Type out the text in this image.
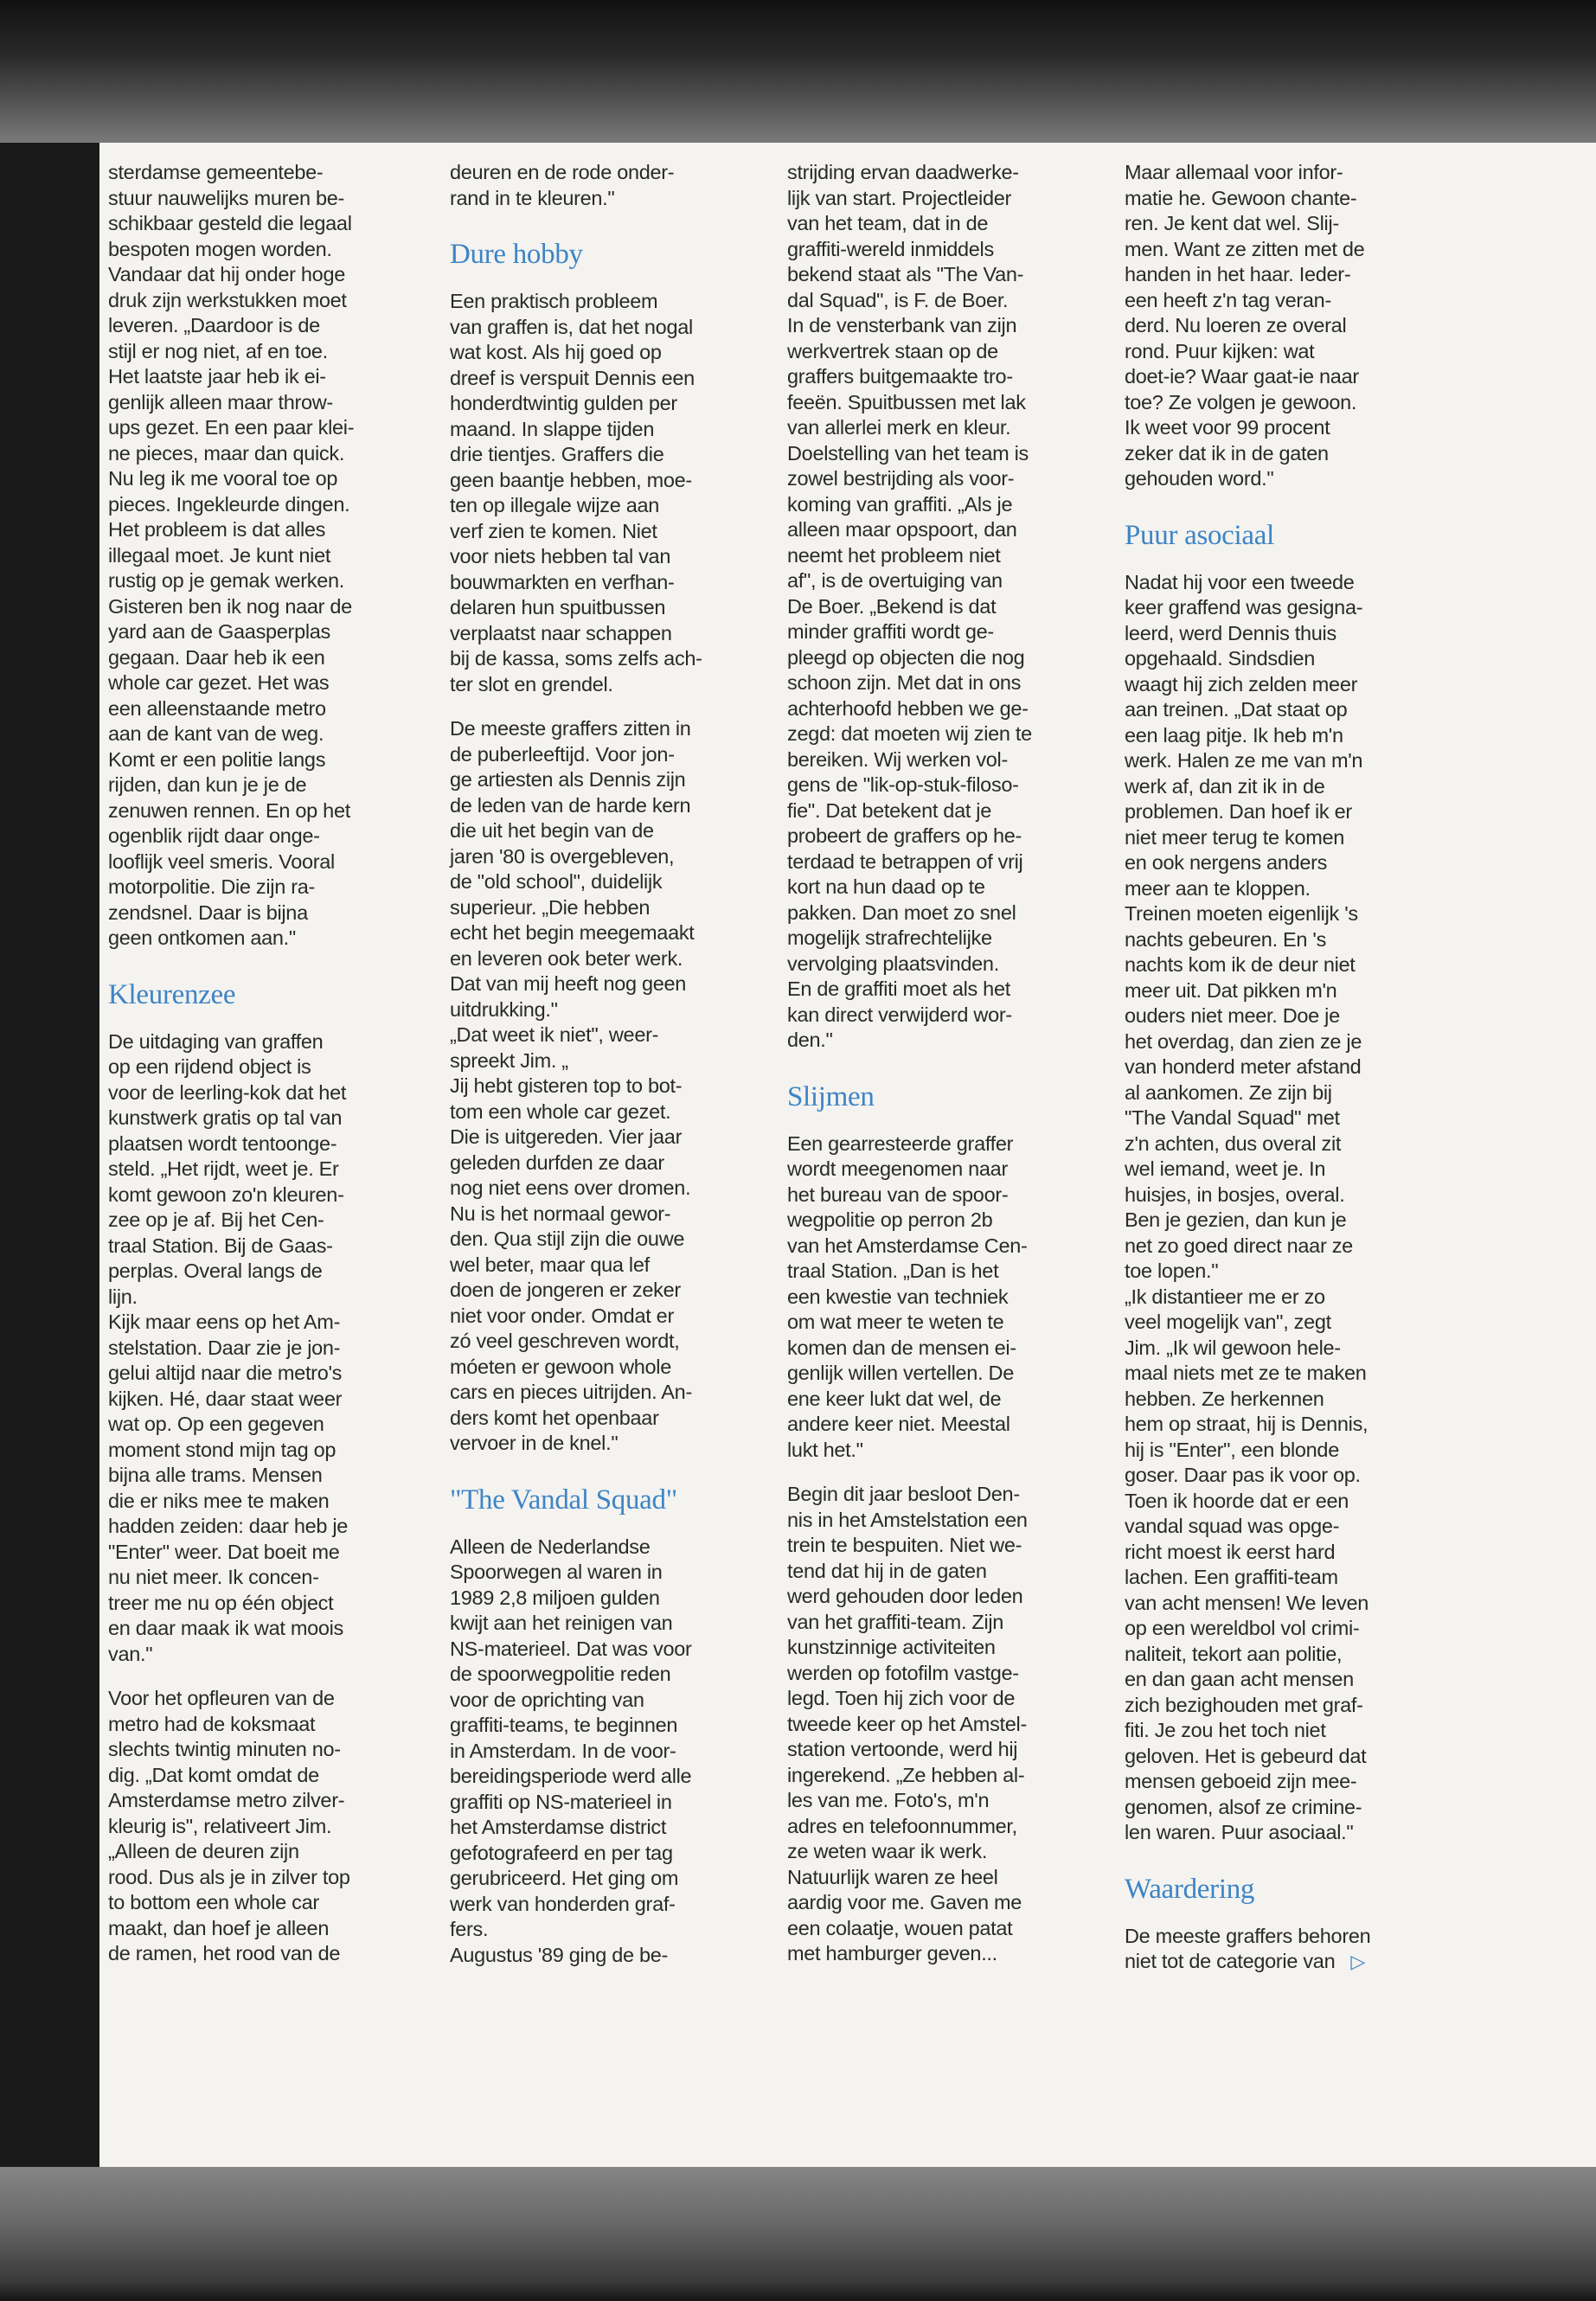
sterdamse gemeentebe-
stuur nauwelijks muren be-
schikbaar gesteld die legaal
bespoten mogen worden.
Vandaar dat hij onder hoge
druk zijn werkstukken moet
leveren. „Daardoor is de
stijl er nog niet, af en toe.
Het laatste jaar heb ik ei-
genlijk alleen maar throw-
ups gezet. En een paar klei-
ne pieces, maar dan quick.
Nu leg ik me vooral toe op
pieces. Ingekleurde dingen.
Het probleem is dat alles
illegaal moet. Je kunt niet
rustig op je gemak werken.
Gisteren ben ik nog naar de
yard aan de Gaasperplas
gegaan. Daar heb ik een
whole car gezet. Het was
een alleenstaande metro
aan de kant van de weg.
Komt er een politie langs
rijden, dan kun je je de
zenuwen rennen. En op het
ogenblik rijdt daar onge-
looflijk veel smeris. Vooral
motorpolitie. Die zijn ra-
zendsnel. Daar is bijna
geen ontkomen aan."

Kleurenzee

De uitdaging van graffen
op een rijdend object is
voor de leerling-kok dat het
kunstwerk gratis op tal van
plaatsen wordt tentoonge-
steld. „Het rijdt, weet je. Er
komt gewoon zo'n kleuren-
zee op je af. Bij het Cen-
traal Station. Bij de Gaas-
perplas. Overal langs de
lijn.
Kijk maar eens op het Am-
stelstation. Daar zie je jon-
gelui altijd naar die metro's
kijken. Hé, daar staat weer
wat op. Op een gegeven
moment stond mijn tag op
bijna alle trams. Mensen
die er niks mee te maken
hadden zeiden: daar heb je
"Enter" weer. Dat boeit me
nu niet meer. Ik concen-
treer me nu op één object
en daar maak ik wat moois
van."

Voor het opfleuren van de
metro had de koksmaat
slechts twintig minuten no-
dig. „Dat komt omdat de
Amsterdamse metro zilver-
kleurig is", relativeert Jim.
„Alleen de deuren zijn
rood. Dus als je in zilver top
to bottom een whole car
maakt, dan hoef je alleen
de ramen, het rood van de

deuren en de rode onder-
rand in te kleuren."

Dure hobby

Een praktisch probleem
van graffen is, dat het nogal
wat kost. Als hij goed op
dreef is verspuit Dennis een
honderdtwintig gulden per
maand. In slappe tijden
drie tientjes. Graffers die
geen baantje hebben, moe-
ten op illegale wijze aan
verf zien te komen. Niet
voor niets hebben tal van
bouwmarkten en verfhan-
delaren hun spuitbussen
verplaatst naar schappen
bij de kassa, soms zelfs ach-
ter slot en grendel.

De meeste graffers zitten in
de puberleeftijd. Voor jon-
ge artiesten als Dennis zijn
de leden van de harde kern
die uit het begin van de
jaren '80 is overgebleven,
de "old school", duidelijk
superieur. „Die hebben
echt het begin meegemaakt
en leveren ook beter werk.
Dat van mij heeft nog geen
uitdrukking."
„Dat weet ik niet", weer-
spreekt Jim. „
Jij hebt gisteren top to bot-
tom een whole car gezet.
Die is uitgereden. Vier jaar
geleden durfden ze daar
nog niet eens over dromen.
Nu is het normaal gewor-
den. Qua stijl zijn die ouwe
wel beter, maar qua lef
doen de jongeren er zeker
niet voor onder. Omdat er
zó veel geschreven wordt,
móeten er gewoon whole
cars en pieces uitrijden. An-
ders komt het openbaar
vervoer in de knel."

"The Vandal Squad"

Alleen de Nederlandse
Spoorwegen al waren in
1989 2,8 miljoen gulden
kwijt aan het reinigen van
NS-materieel. Dat was voor
de spoorwegpolitie reden
voor de oprichting van
graffiti-teams, te beginnen
in Amsterdam. In de voor-
bereidingsperiode werd alle
graffiti op NS-materieel in
het Amsterdamse district
gefotografeerd en per tag
gerubriceerd. Het ging om
werk van honderden graf-
fers.
Augustus '89 ging de be-

strijding ervan daadwerke-
lijk van start. Projectleider
van het team, dat in de
graffiti-wereld inmiddels
bekend staat als "The Van-
dal Squad", is F. de Boer.
In de vensterbank van zijn
werkvertrek staan op de
graffers buitgemaakte tro-
feeën. Spuitbussen met lak
van allerlei merk en kleur.
Doelstelling van het team is
zowel bestrijding als voor-
koming van graffiti. „Als je
alleen maar opspoort, dan
neemt het probleem niet
af", is de overtuiging van
De Boer. „Bekend is dat
minder graffiti wordt ge-
pleegd op objecten die nog
schoon zijn. Met dat in ons
achterhoofd hebben we ge-
zegd: dat moeten wij zien te
bereiken. Wij werken vol-
gens de "lik-op-stuk-filoso-
fie". Dat betekent dat je
probeert de graffers op he-
terdaad te betrappen of vrij
kort na hun daad op te
pakken. Dan moet zo snel
mogelijk strafrechtelijke
vervolging plaatsvinden.
En de graffiti moet als het
kan direct verwijderd wor-
den."

Slijmen

Een gearresteerde graffer
wordt meegenomen naar
het bureau van de spoor-
wegpolitie op perron 2b
van het Amsterdamse Cen-
traal Station. „Dan is het
een kwestie van techniek
om wat meer te weten te
komen dan de mensen ei-
genlijk willen vertellen. De
ene keer lukt dat wel, de
andere keer niet. Meestal
lukt het."

Begin dit jaar besloot Den-
nis in het Amstelstation een
trein te bespuiten. Niet we-
tend dat hij in de gaten
werd gehouden door leden
van het graffiti-team. Zijn
kunstzinnige activiteiten
werden op fotofilm vastge-
legd. Toen hij zich voor de
tweede keer op het Amstel-
station vertoonde, werd hij
ingerekend. „Ze hebben al-
les van me. Foto's, m'n
adres en telefoonnummer,
ze weten waar ik werk.
Natuurlijk waren ze heel
aardig voor me. Gaven me
een colaatje, wouen patat
met hamburger geven...

Maar allemaal voor infor-
matie he. Gewoon chante-
ren. Je kent dat wel. Slij-
men. Want ze zitten met de
handen in het haar. Ieder-
een heeft z'n tag veran-
derd. Nu loeren ze overal
rond. Puur kijken: wat
doet-ie? Waar gaat-ie naar
toe? Ze volgen je gewoon.
Ik weet voor 99 procent
zeker dat ik in de gaten
gehouden word."

Puur asociaal

Nadat hij voor een tweede
keer graffend was gesigna-
leerd, werd Dennis thuis
opgehaald. Sindsdien
waagt hij zich zelden meer
aan treinen. „Dat staat op
een laag pitje. Ik heb m'n
werk. Halen ze me van m'n
werk af, dan zit ik in de
problemen. Dan hoef ik er
niet meer terug te komen
en ook nergens anders
meer aan te kloppen.
Treinen moeten eigenlijk 's
nachts gebeuren. En 's
nachts kom ik de deur niet
meer uit. Dat pikken m'n
ouders niet meer. Doe je
het overdag, dan zien ze je
van honderd meter afstand
al aankomen. Ze zijn bij
"The Vandal Squad" met
z'n achten, dus overal zit
wel iemand, weet je. In
huisjes, in bosjes, overal.
Ben je gezien, dan kun je
net zo goed direct naar ze
toe lopen."
„Ik distantieer me er zo
veel mogelijk van", zegt
Jim. „Ik wil gewoon hele-
maal niets met ze te maken
hebben. Ze herkennen
hem op straat, hij is Dennis,
hij is "Enter", een blonde
goser. Daar pas ik voor op.
Toen ik hoorde dat er een
vandal squad was opge-
richt moest ik eerst hard
lachen. Een graffiti-team
van acht mensen! We leven
op een wereldbol vol crimi-
naliteit, tekort aan politie,
en dan gaan acht mensen
zich bezighouden met graf-
fiti. Je zou het toch niet
geloven. Het is gebeurd dat
mensen geboeid zijn mee-
genomen, alsof ze crimine-
len waren. Puur asociaal."

Waardering

De meeste graffers behoren
niet tot de categorie van ▷
